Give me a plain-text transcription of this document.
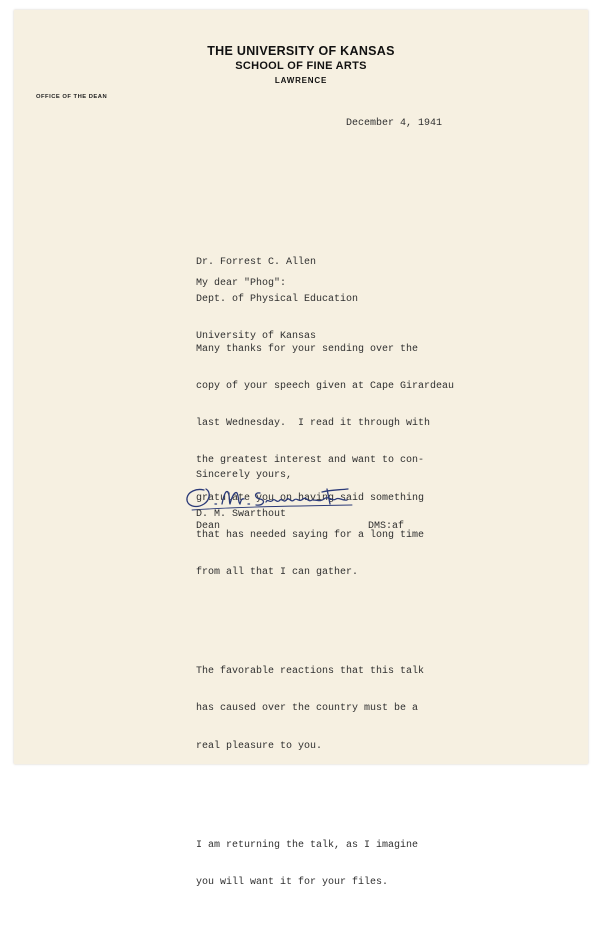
THE UNIVERSITY OF KANSAS
SCHOOL OF FINE ARTS
LAWRENCE
OFFICE OF THE DEAN
December 4, 1941

Dr. Forrest C. Allen

Dept. of Physical Education

University of Kansas

My dear "Phog":

Many thanks for your sending over the

copy of your speech given at Cape Girardeau

last Wednesday.  I read it through with

the greatest interest and want to con-

gratulate you on having said something

that has needed saying for a long time

from all that I can gather.

The favorable reactions that this talk

has caused over the country must be a

real pleasure to you.

I am returning the talk, as I imagine

you will want it for your files.

Sincerely yours,
D. M. Swarthout
Dean	DMS:af
